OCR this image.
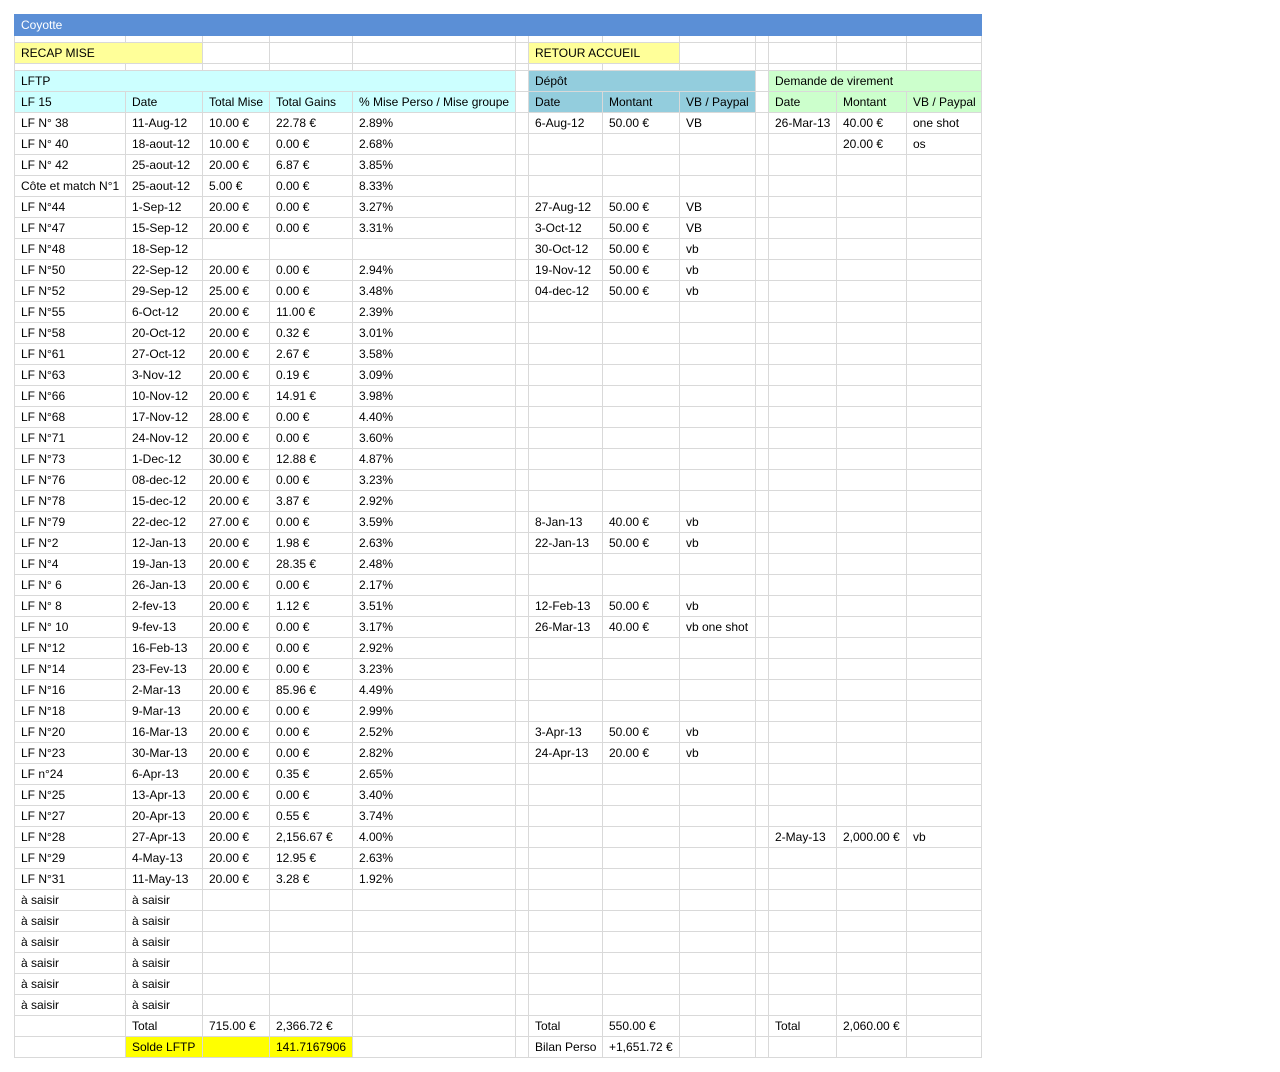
Coyotte												

RECAP MISE						RETOUR ACCUEIL						

LFTP						Dépôt				Demande de virement		
LF 15	Date	Total Mise	Total Gains	% Mise Perso / Mise groupe		Date	Montant	VB / Paypal		Date	Montant	VB / Paypal
LF N° 38	11-Aug-12	10.00 €	22.78 €	2.89%		6-Aug-12	50.00 €	VB		26-Mar-13	40.00 €	one shot
LF N° 40	18-aout-12	10.00 €	0.00 €	2.68%							20.00 €	os
LF N° 42	25-aout-12	20.00 €	6.87 €	3.85%								
Côte et match N°1	25-aout-12	5.00 €	0.00 €	8.33%								
LF N°44	1-Sep-12	20.00 €	0.00 €	3.27%		27-Aug-12	50.00 €	VB				
LF N°47	15-Sep-12	20.00 €	0.00 €	3.31%		3-Oct-12	50.00 €	VB				
LF N°48	18-Sep-12					30-Oct-12	50.00 €	vb				
LF N°50	22-Sep-12	20.00 €	0.00 €	2.94%		19-Nov-12	50.00 €	vb				
LF N°52	29-Sep-12	25.00 €	0.00 €	3.48%		04-dec-12	50.00 €	vb				
LF N°55	6-Oct-12	20.00 €	11.00 €	2.39%								
LF N°58	20-Oct-12	20.00 €	0.32 €	3.01%								
LF N°61	27-Oct-12	20.00 €	2.67 €	3.58%								
LF N°63	3-Nov-12	20.00 €	0.19 €	3.09%								
LF N°66	10-Nov-12	20.00 €	14.91 €	3.98%								
LF N°68	17-Nov-12	28.00 €	0.00 €	4.40%								
LF N°71	24-Nov-12	20.00 €	0.00 €	3.60%								
LF N°73	1-Dec-12	30.00 €	12.88 €	4.87%								
LF N°76	08-dec-12	20.00 €	0.00 €	3.23%								
LF N°78	15-dec-12	20.00 €	3.87 €	2.92%								
LF N°79	22-dec-12	27.00 €	0.00 €	3.59%		8-Jan-13	40.00 €	vb				
LF N°2	12-Jan-13	20.00 €	1.98 €	2.63%		22-Jan-13	50.00 €	vb				
LF N°4	19-Jan-13	20.00 €	28.35 €	2.48%								
LF N° 6	26-Jan-13	20.00 €	0.00 €	2.17%								
LF N° 8	2-fev-13	20.00 €	1.12 €	3.51%		12-Feb-13	50.00 €	vb				
LF N° 10	9-fev-13	20.00 €	0.00 €	3.17%		26-Mar-13	40.00 €	vb one shot				
LF N°12	16-Feb-13	20.00 €	0.00 €	2.92%								
LF N°14	23-Fev-13	20.00 €	0.00 €	3.23%								
LF N°16	2-Mar-13	20.00 €	85.96 €	4.49%								
LF N°18	9-Mar-13	20.00 €	0.00 €	2.99%								
LF N°20	16-Mar-13	20.00 €	0.00 €	2.52%		3-Apr-13	50.00 €	vb				
LF N°23	30-Mar-13	20.00 €	0.00 €	2.82%		24-Apr-13	20.00 €	vb				
LF n°24	6-Apr-13	20.00 €	0.35 €	2.65%								
LF N°25	13-Apr-13	20.00 €	0.00 €	3.40%								
LF N°27	20-Apr-13	20.00 €	0.55 €	3.74%								
LF N°28	27-Apr-13	20.00 €	2,156.67 €	4.00%						2-May-13	2,000.00 €	vb
LF N°29	4-May-13	20.00 €	12.95 €	2.63%								
LF N°31	11-May-13	20.00 €	3.28 €	1.92%								
à saisir	à saisir											
à saisir	à saisir											
à saisir	à saisir											
à saisir	à saisir											
à saisir	à saisir											
à saisir	à saisir											
	Total	715.00 €	2,366.72 €			Total	550.00 €			Total	2,060.00 €	
	Solde LFTP		141.7167906			Bilan Perso	+1,651.72 €					
